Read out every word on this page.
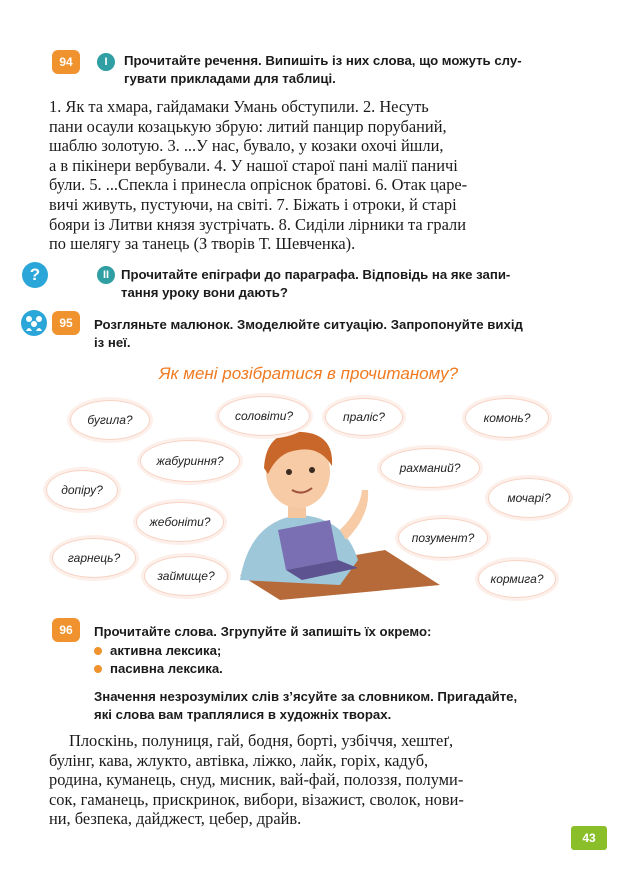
94	I	Прочитайте речення. Випишіть із них слова, що можуть слу-
гувати прикладами для таблиці.

1. Як та хмара, гайдамаки Умань обступили. 2. Несуть

пани осаули козацькую збрую: литий панцир порубаний,

шаблю золотую. 3. ...У нас, бувало, у козаки охочі йшли,

а в пікінери вербували. 4. У нашої старої пані малії паничі

були. 5. ...Спекла і принесла опріснок братові. 6. Отак царе-

вичі живуть, пустуючи, на світі. 7. Біжать і отроки, й старі

бояри із Литви князя зустрічать. 8. Сиділи лірники та грали

по шелягу за танець (З творів Т. Шевченка).

?	II Прочитайте епіграфи до параграфа. Відповідь на яке запи-
тання уроку вони дають?
95	Розгляньте малюнок. Змоделюйте ситуацію. Запропонуйте вихід
із неї.
Як мені розібратися в прочитаному?
бугила?	соловіти?	праліс?	комонь?
жабуриння?	рахманий?
допіру?
мочарі?
жебоніти?
позумент?
гарнець?
займище?	кормига?
96	Прочитайте слова. Згрупуйте й запишіть їх окремо:
активна лексика;
пасивна лексика.
Значення незрозумілих слів з’ясуйте за словником. Пригадайте,
які слова вам траплялися в художніх творах.

Плоскінь, полуниця, гай, бодня, борті, узбіччя, хештеґ,

булінг, кава, жлукто, автівка, ліжко, лайк, горіх, кадуб,

родина, куманець, снуд, мисник, вай-фай, полоззя, полуми-

сок, гаманець, прискринок, вибори, візажист, сволок, нови-

ни, безпека, дайджест, цебер, драйв.

43
